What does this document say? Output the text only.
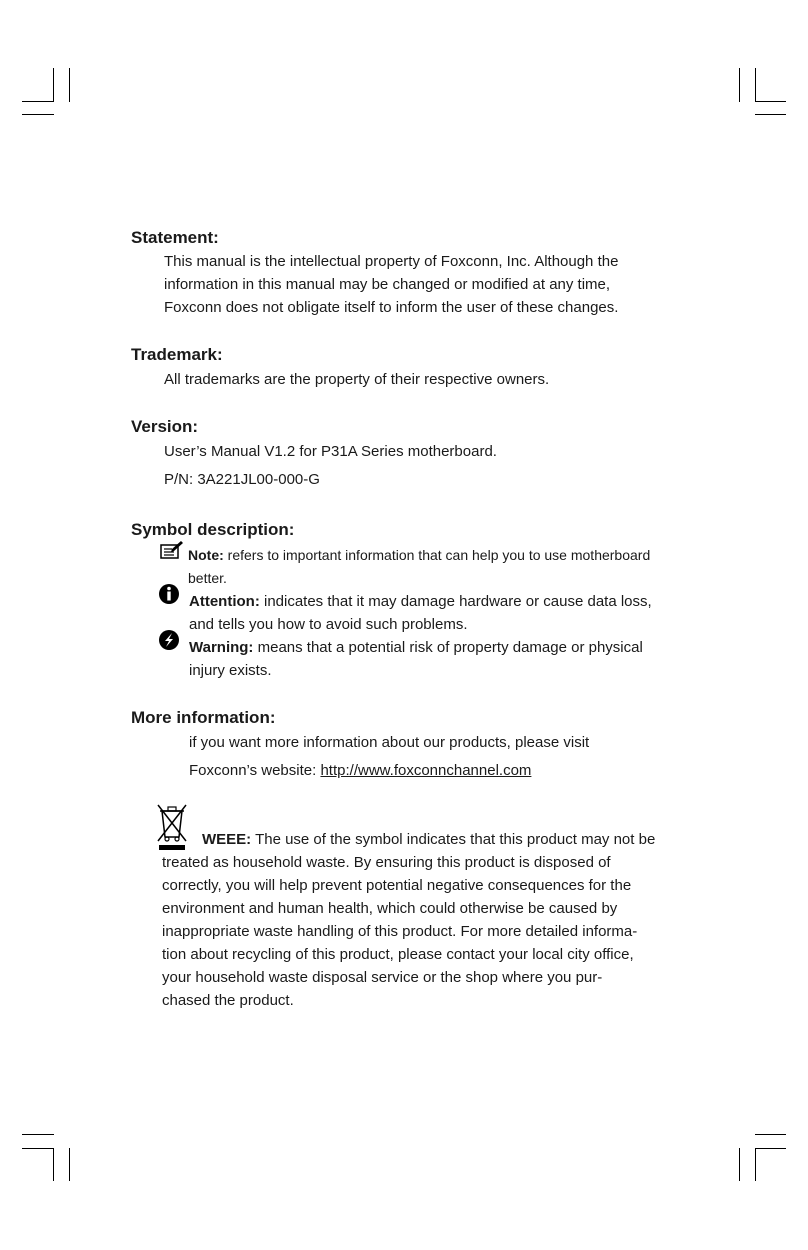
Statement:

This manual is the intellectual property of Foxconn, Inc. Although the

information in this manual may be changed or modified at any time,

Foxconn does not obligate itself to inform the user of these changes.

Trademark:

All trademarks are the property of their respective owners.

Version:

User’s Manual V1.2 for P31A Series motherboard.

P/N: 3A221JL00-000-G

Symbol description:

Note: refers to important information that can help you to use motherboard

better.

Attention: indicates that it may damage hardware or cause data loss,

and tells you how to avoid such problems.

Warning: means that a potential risk of property damage or physical

injury exists.

More information:

if you want more information about our products, please visit

Foxconn’s website: http://www.foxconnchannel.com

WEEE: The use of the symbol indicates that this product may not be

treated as household waste. By ensuring this product is disposed of

correctly, you will help prevent potential negative consequences for the

environment and human health, which could otherwise be caused by

inappropriate waste handling of this product. For more detailed informa-

tion about recycling of this product, please contact your local city office,

your household waste disposal service or the shop where you pur-

chased the product.
